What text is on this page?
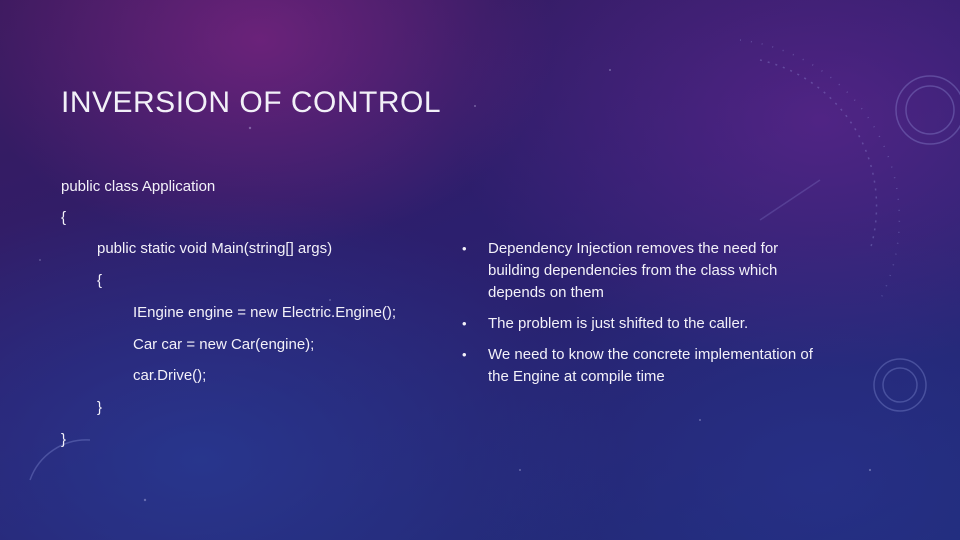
INVERSION OF CONTROL
public class Application
{
public static void Main(string[] args)
{
IEngine engine = new Electric.Engine();
Car car = new Car(engine);
car.Drive();
}
}
• Dependency Injection removes the need for building dependencies from the class which depends on them
• The problem is just shifted to the caller.
• We need to know the concrete implementation of the Engine at compile time
